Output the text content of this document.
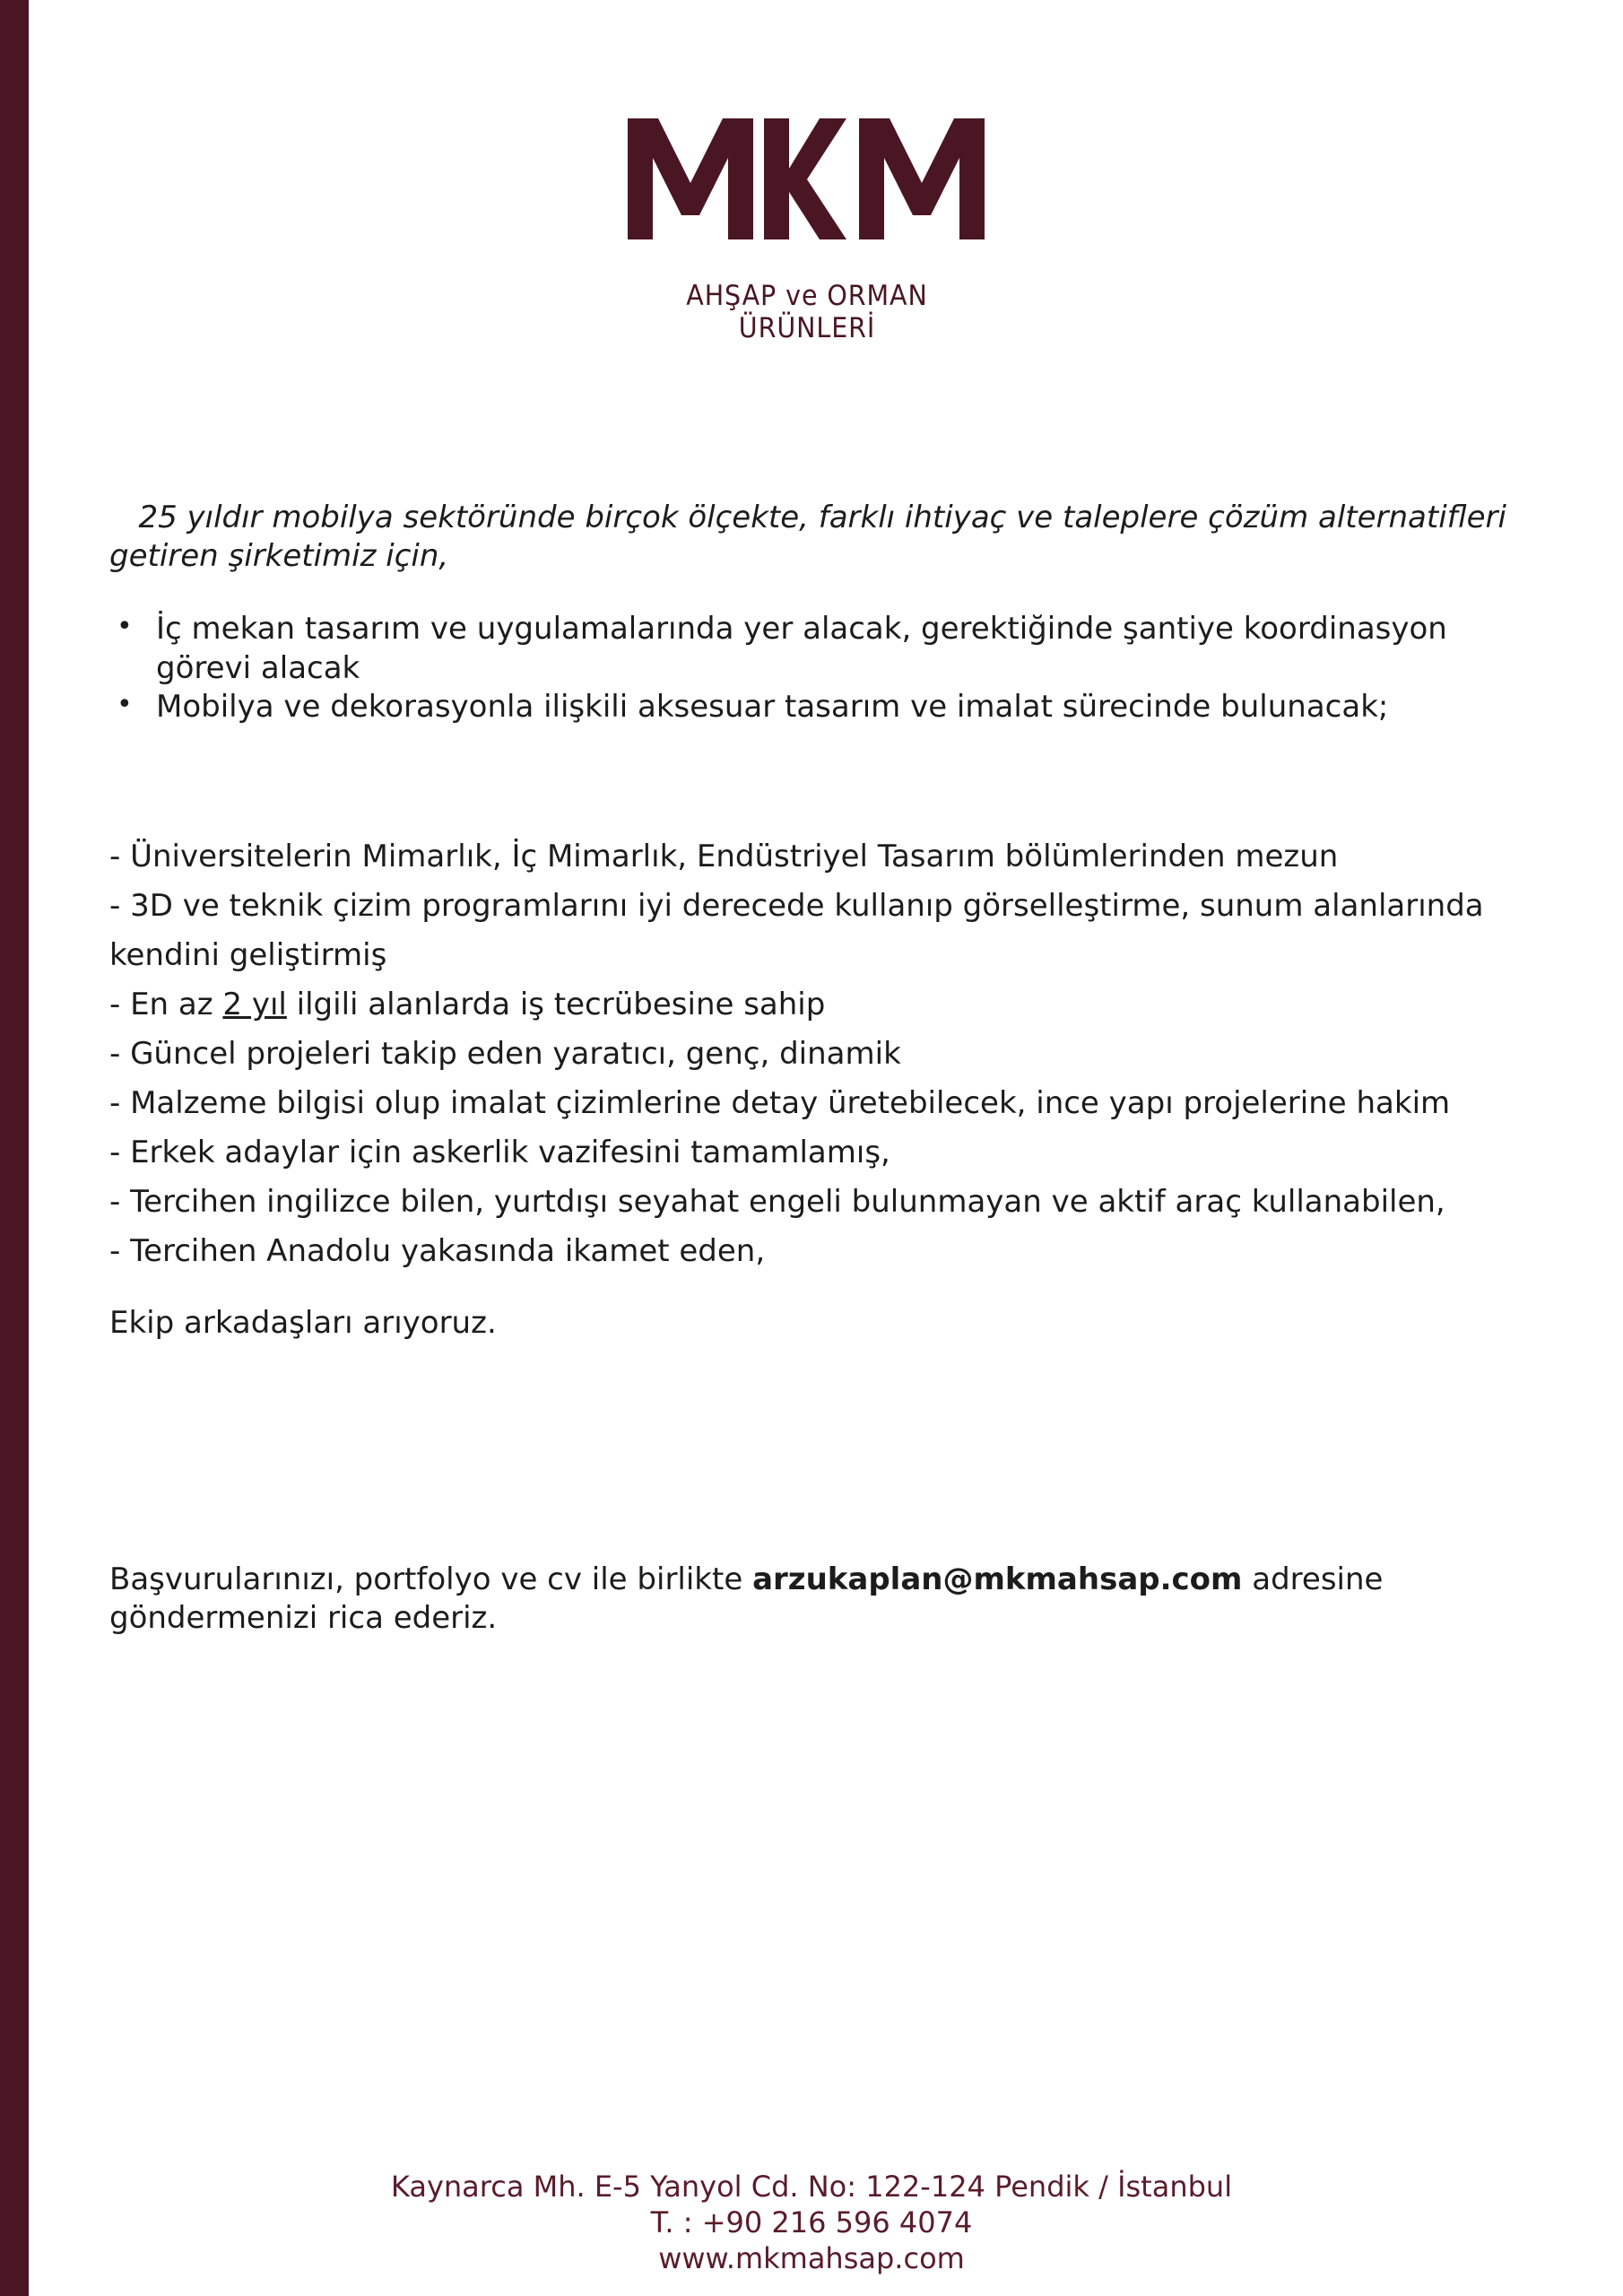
AHŞAP ve ORMAN ÜRÜNLERİ

25 yıldır mobilya sektöründe birçok ölçekte, farklı ihtiyaç ve taleplere çözüm alternatifleri getiren şirketimiz için,

• İç mekan tasarım ve uygulamalarında yer alacak, gerektiğinde şantiye koordinasyon görevi alacak
• Mobilya ve dekorasyonla ilişkili aksesuar tasarım ve imalat sürecinde bulunacak;
- Üniversitelerin Mimarlık, İç Mimarlık, Endüstriyel Tasarım bölümlerinden mezun
- 3D ve teknik çizim programlarını iyi derecede kullanıp görselleştirme, sunum alanlarında kendini geliştirmiş
- En az 2 yıl ilgili alanlarda iş tecrübesine sahip
- Güncel projeleri takip eden yaratıcı, genç, dinamik
- Malzeme bilgisi olup imalat çizimlerine detay üretebilecek, ince yapı projelerine hakim
- Erkek adaylar için askerlik vazifesini tamamlamış,
- Tercihen ingilizce bilen, yurtdışı seyahat engeli bulunmayan ve aktif araç kullanabilen,
- Tercihen Anadolu yakasında ikamet eden,

Ekip arkadaşları arıyoruz.

Başvurularınızı, portfolyo ve cv ile birlikte arzukaplan@mkmahsap.com adresine göndermenizi rica ederiz.

Kaynarca Mh. E-5 Yanyol Cd. No: 122-124 Pendik / İstanbul
T. : +90 216 596 4074
www.mkmahsap.com
